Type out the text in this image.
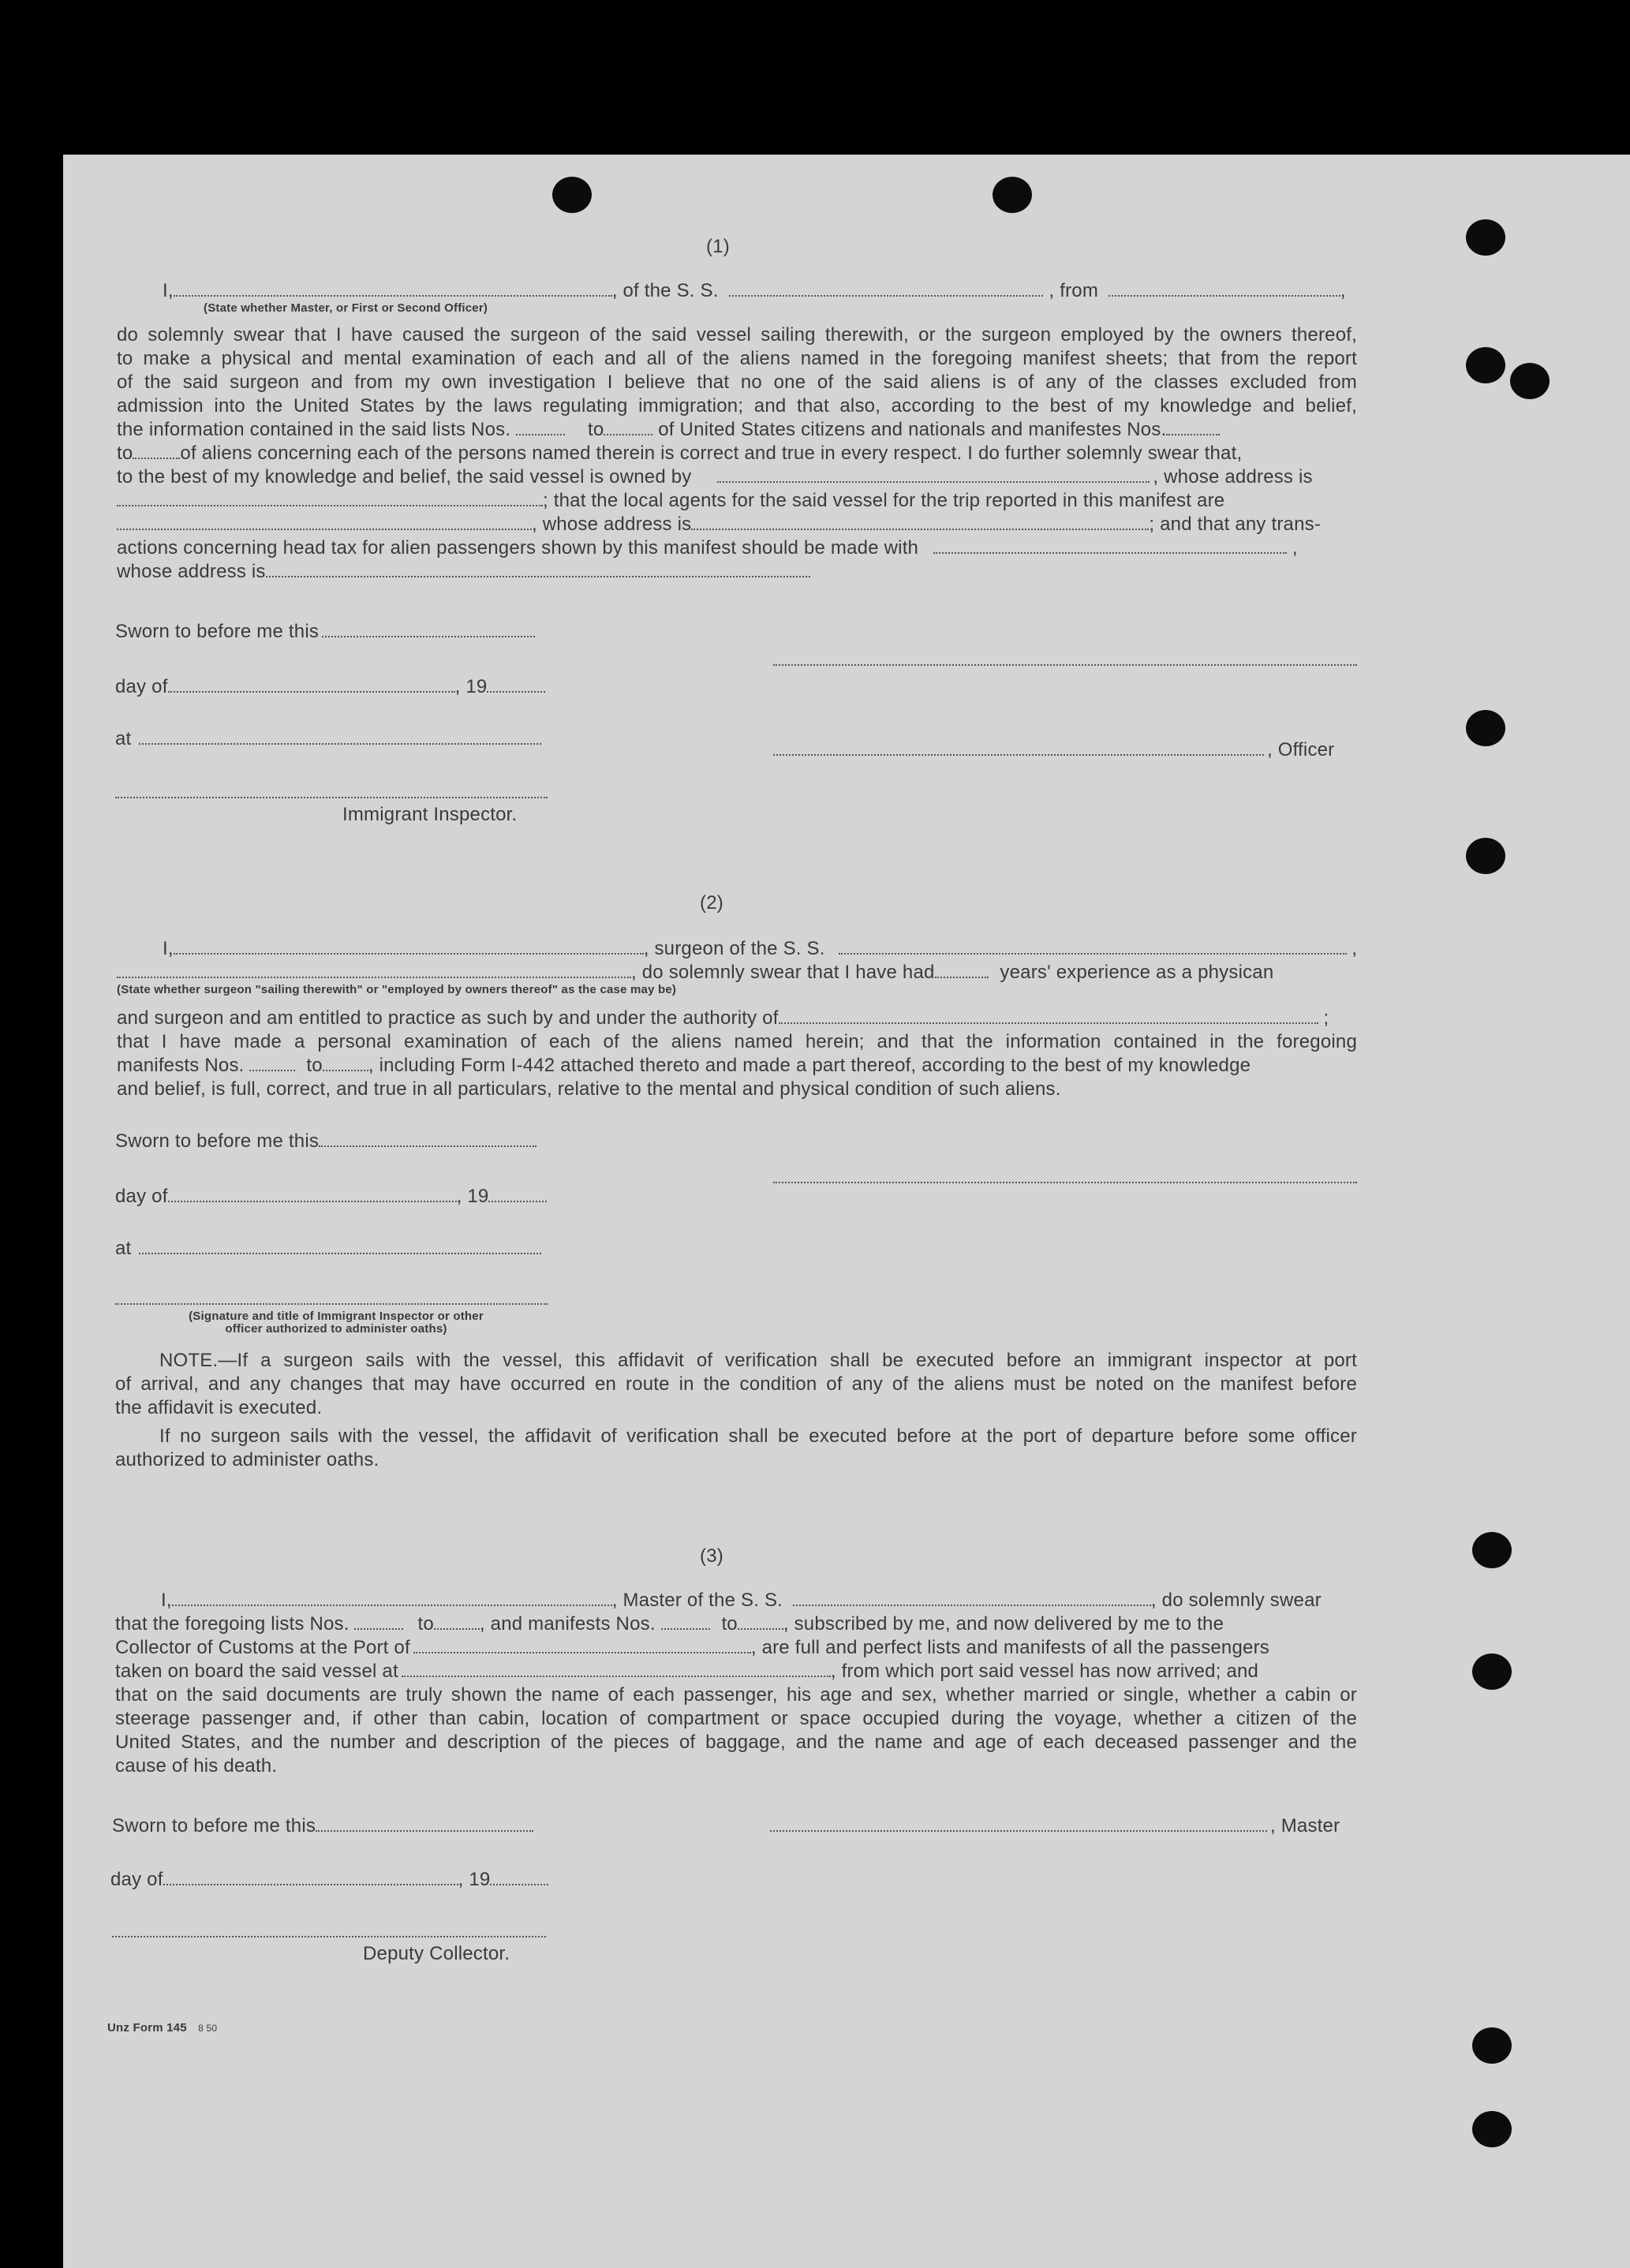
(1)
I,	, of the S. S.	, from	,
(State whether Master, or First or Second Officer)
do solemnly swear that I have caused the surgeon of the said vessel sailing therewith, or the surgeon employed by the owners thereof,
to make a physical and mental examination of each and all of the aliens named in the foregoing manifest sheets; that from the report
of the said surgeon and from my own investigation I believe that no one of the said aliens is of any of the classes excluded from
admission into the United States by the laws regulating immigration; and that also, according to the best of my knowledge and belief,
the information contained in the said lists Nos.	to	of United States citizens and nationals and manifestes Nos.
to	of aliens concerning each of the persons named therein is correct and true in every respect. I do further solemnly swear that,
to the best of my knowledge and belief, the said vessel is owned by	, whose address is
; that the local agents for the said vessel for the trip reported in this manifest are
, whose address is	; and that any trans-
actions concerning head tax for alien passengers shown by this manifest should be made with	,
whose address is
Sworn to before me this
day of	, 19
at
, Officer
Immigrant Inspector.
(2)
I,	, surgeon of the S. S.	,
, do solemnly swear that I have had	years' experience as a physican
(State whether surgeon "sailing therewith" or "employed by owners thereof" as the case may be)
and surgeon and am entitled to practice as such by and under the authority of	;
that I have made a personal examination of each of the aliens named herein; and that the information contained in the foregoing
manifests Nos.	to , including Form I-442 attached thereto and made a part thereof, according to the best of my knowledge
and belief, is full, correct, and true in all particulars, relative to the mental and physical condition of such aliens.
Sworn to before me this
day of	, 19
at
(Signature and title of Immigrant Inspector or other
officer authorized to administer oaths)
NOTE.—If a surgeon sails with the vessel, this affidavit of verification shall be executed before an immigrant inspector at port
of arrival, and any changes that may have occurred en route in the condition of any of the aliens must be noted on the manifest before
the affidavit is executed.
If no surgeon sails with the vessel, the affidavit of verification shall be executed before at the port of departure before some officer
authorized to administer oaths.
(3)
I,	, Master of the S. S.	, do solemnly swear
that the foregoing lists Nos.	to , and manifests Nos.	to , subscribed by me, and now delivered by me to the
Collector of Customs at the Port of	, are full and perfect lists and manifests of all the passengers
taken on board the said vessel at	, from which port said vessel has now arrived; and
that on the said documents are truly shown the name of each passenger, his age and sex, whether married or single, whether a cabin or
steerage passenger and, if other than cabin, location of compartment or space occupied during the voyage, whether a citizen of the
United States, and the number and description of the pieces of baggage, and the name and age of each deceased passenger and the
cause of his death.
Sworn to before me this	, Master
day of	, 19
Deputy Collector.
Unz Form 145 8 50
